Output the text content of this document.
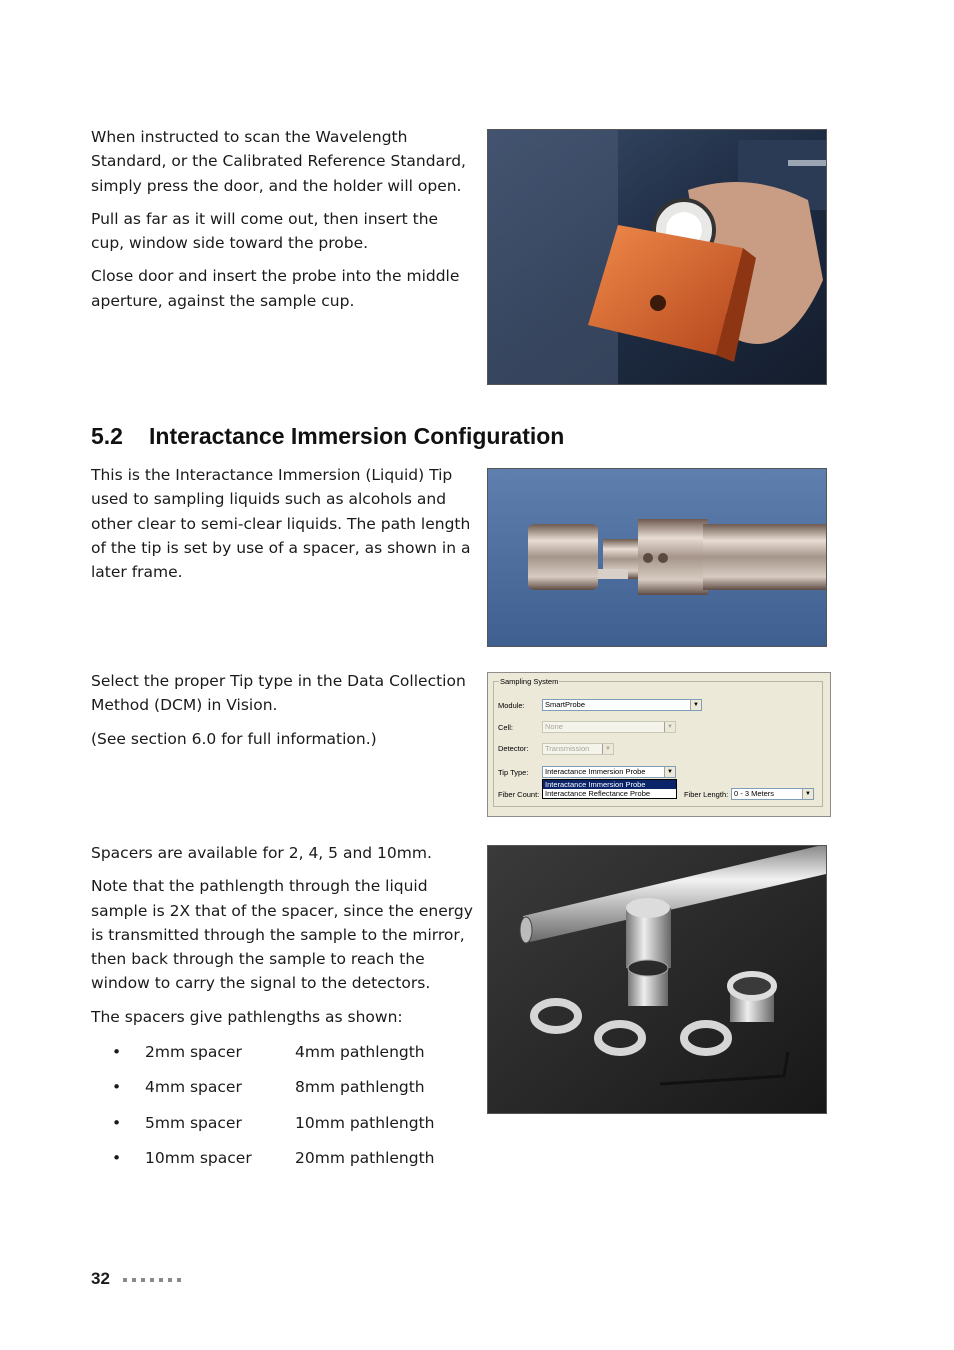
When instructed to scan the Wavelength Standard, or the Calibrated Reference Standard, simply press the door, and the holder will open.

Pull as far as it will come out, then insert the cup, window side toward the probe.

Close door and insert the probe into the middle aperture, against the sample cup.

5.2 Interactance Immersion Configuration

This is the Interactance Immersion (Liquid) Tip used to sampling liquids such as alcohols and other clear to semi-clear liquids. The path length of the tip is set by use of a spacer, as shown in a later frame.

Select the proper Tip type in the Data Collection Method (DCM) in Vision.

(See section 6.0 for full information.)

Sampling System
Module:	SmartProbe	▼
Cell:	None	▼
Detector:	Transmission	▼
Tip Type:	Interactance Immersion Probe	▼
Interactance Immersion Probe
Interactance Reflectance Probe
Fiber Count:	Fiber Length: 0 - 3 Meters	▼

Spacers are available for 2, 4, 5 and 10mm.

Note that the pathlength through the liquid sample is 2X that of the spacer, since the energy is transmitted through the sample to the mirror, then back through the sample to reach the window to carry the signal to the detectors.

The spacers give pathlengths as shown:

• 2mm spacer	4mm pathlength
• 4mm spacer	8mm pathlength
• 5mm spacer	10mm pathlength
• 10mm spacer	20mm pathlength
32
